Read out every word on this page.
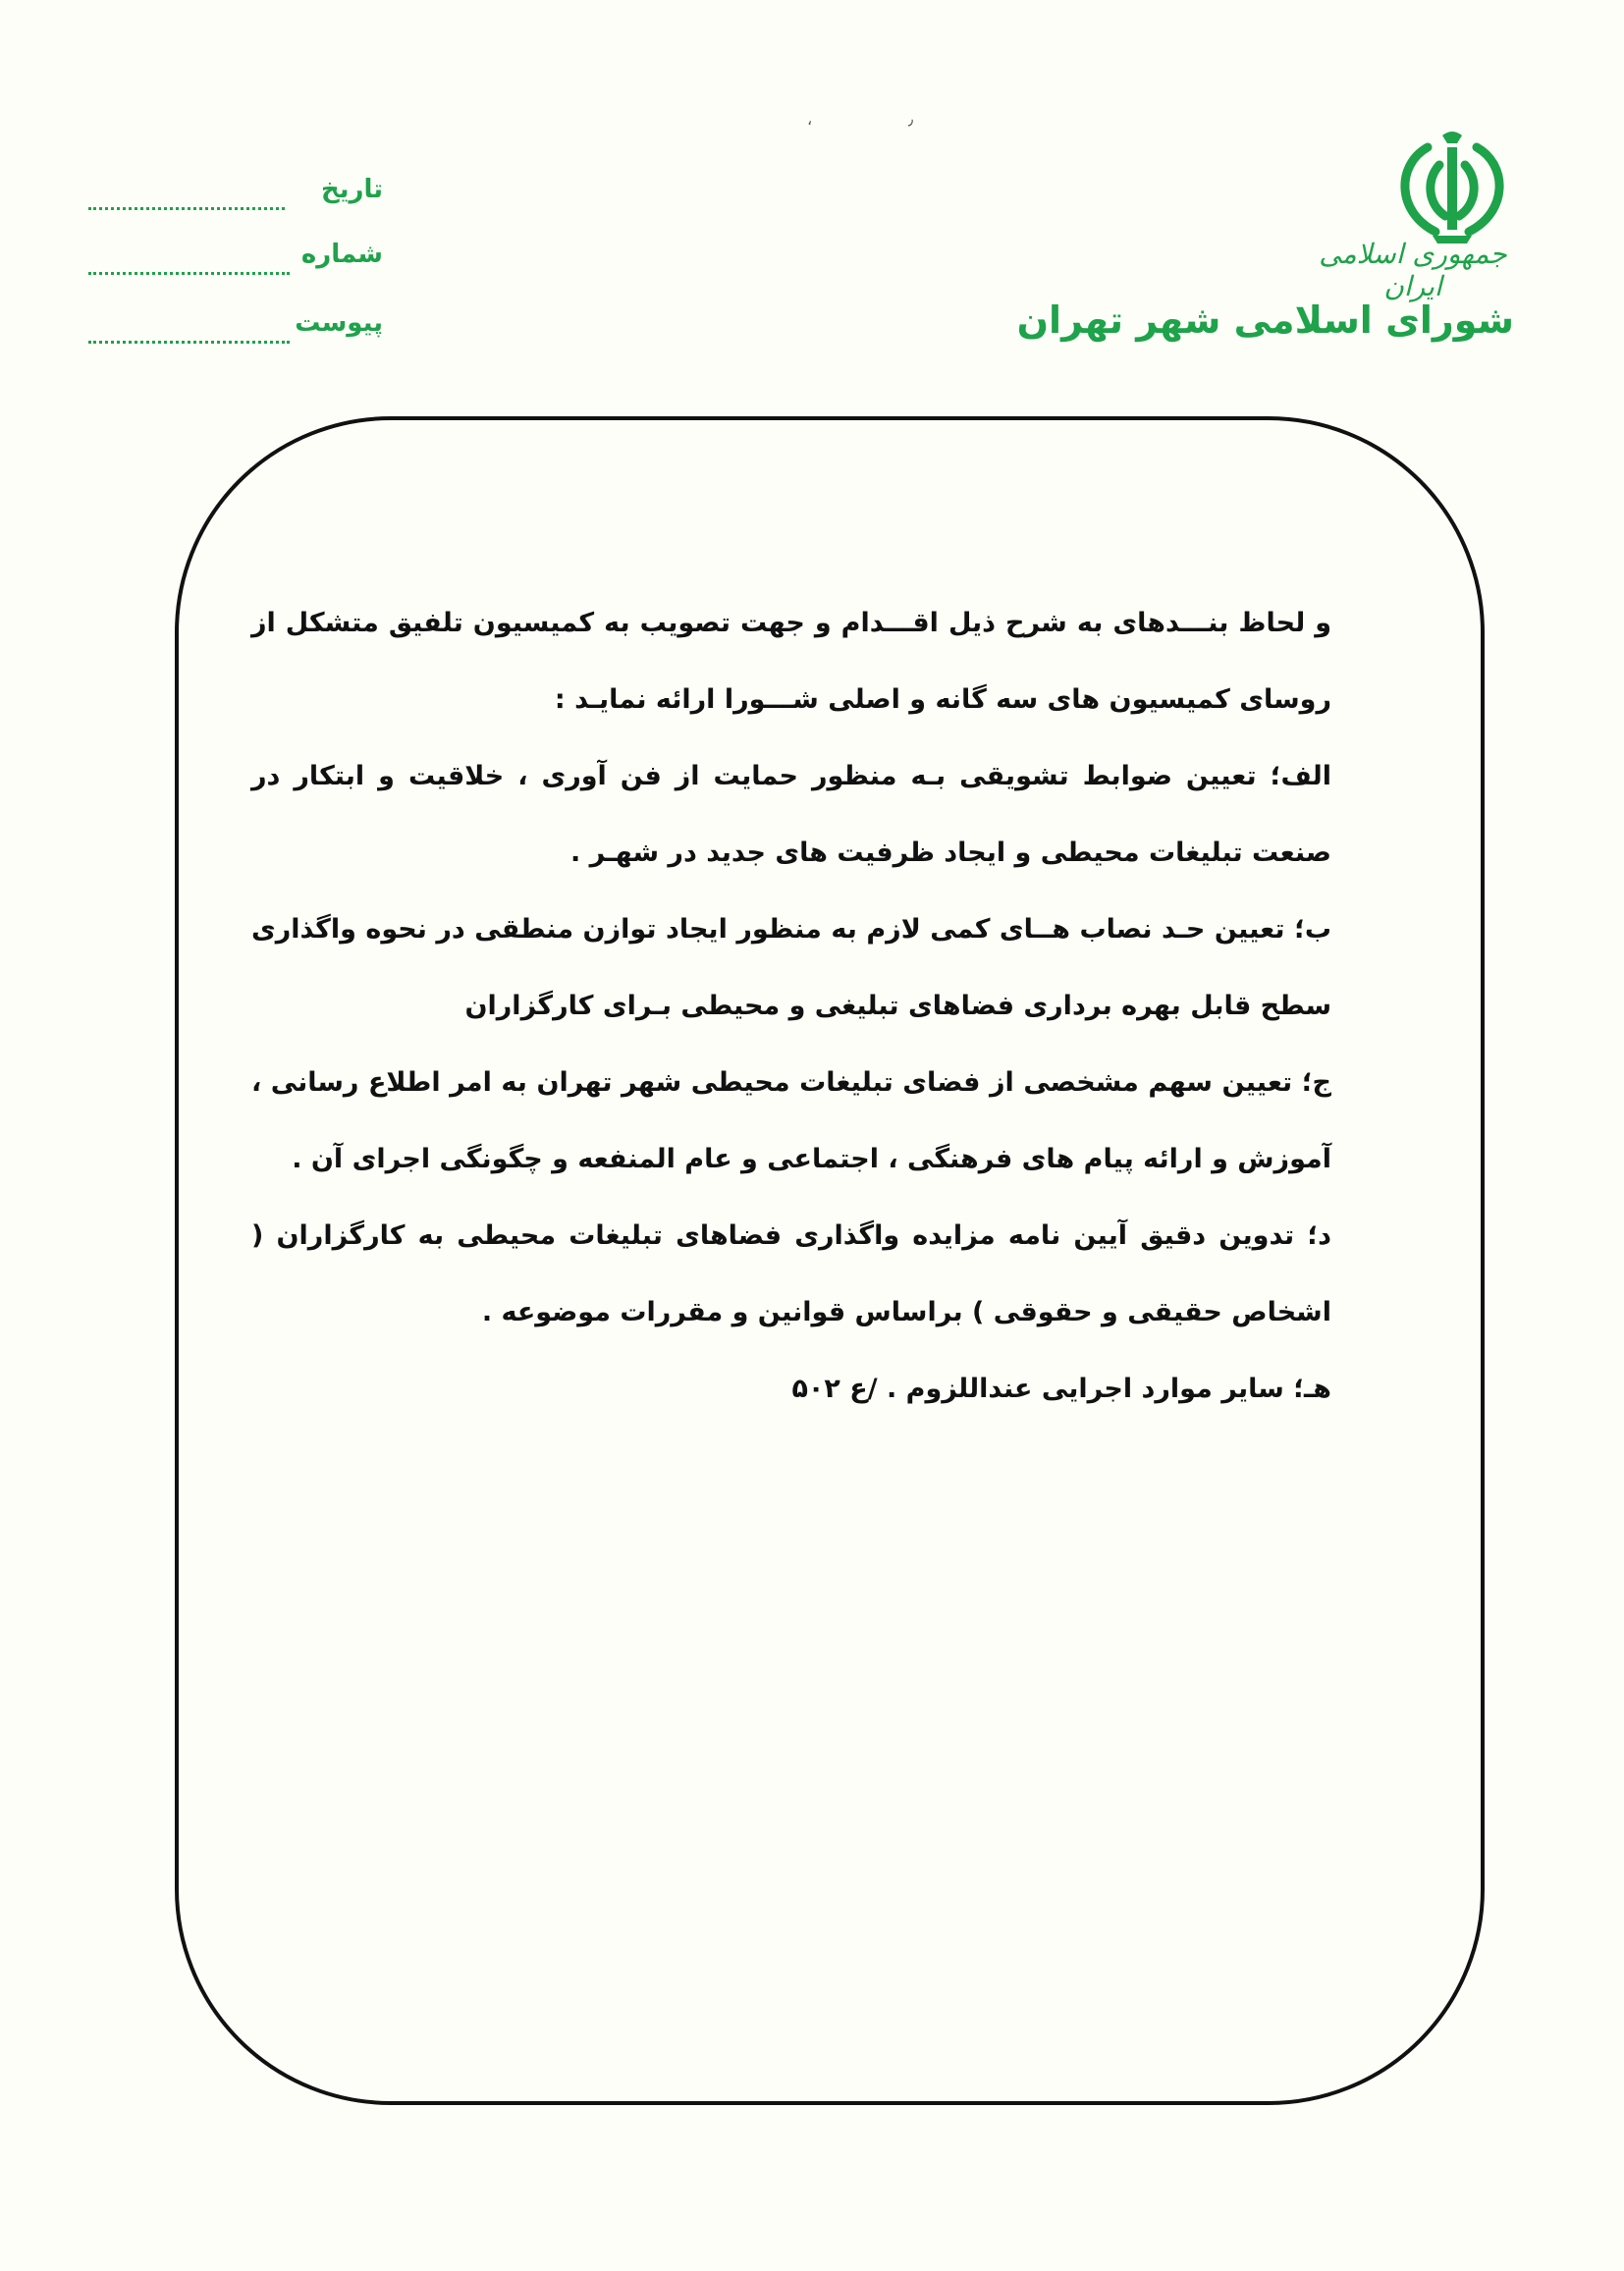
جمهوری اسلامی ایران
شورای اسلامی شهر تهران
،	٫
تاریخ
شماره
پیوست

و لحاظ بنـــدهای به شرح ذیل اقـــدام و جهت تصویب به کمیسیون تلفیق متشکل از روسای کمیسیون های سه گانه و اصلی شـــورا ارائه نمایـد :

الف؛ تعیین ضوابط تشویقی بـه منظور حمایت از فن آوری ، خلاقیت و ابتکار در صنعت تبلیغات محیطی و ایجاد ظرفیت های جدید در شهـر .

ب؛ تعیین حـد نصاب هــای کمی لازم به منظور ایجاد توازن منطقی در نحوه واگذاری سطح قابل بهره برداری فضاهای تبلیغی و محیطی بـرای کارگزاران

ج؛ تعیین سهم مشخصی از فضای تبلیغات محیطی شهر تهران به امر اطلاع رسانی ، آموزش و ارائه پیام های فرهنگی ، اجتماعی و عام المنفعه و چگونگی اجرای آن .

د؛ تدوین دقیق آیین نامه مزایده واگذاری فضاهای تبلیغات محیطی به کارگزاران ( اشخاص حقیقی و حقوقی ) براساس قوانین و مقررات موضوعه .

هـ؛ سایر موارد اجرایی عنداللزوم . /ع ۵۰۲
